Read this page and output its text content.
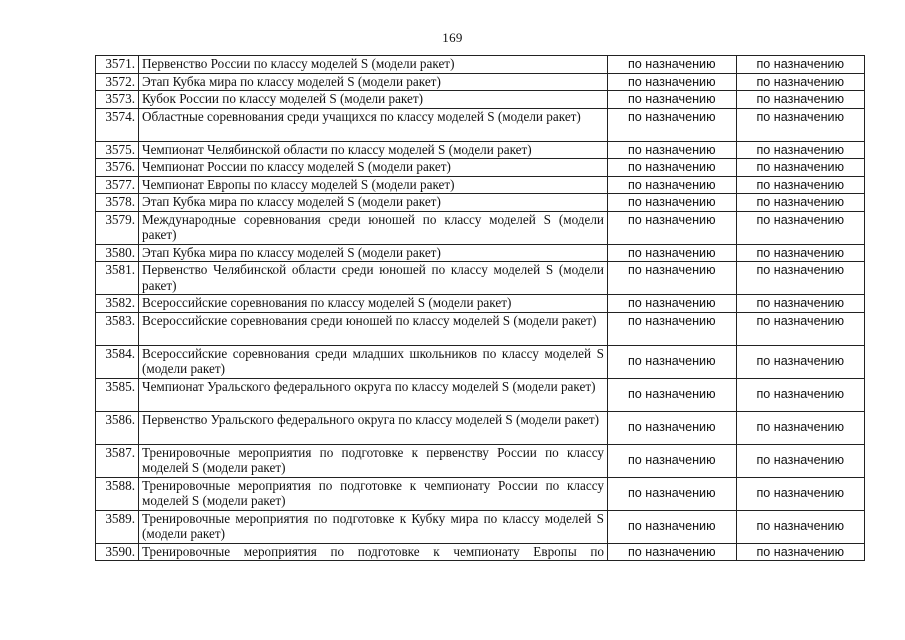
169
3571.	Первенство России по классу моделей S (модели ракет)	по назначению	по назначению
3572.	Этап Кубка мира по классу моделей S (модели ракет)	по назначению	по назначению
3573.	Кубок России по классу моделей S (модели ракет)	по назначению	по назначению
3574.	Областные соревнования среди учащихся по классу моделей S (модели ракет)	по назначению	по назначению
3575.	Чемпионат Челябинской области по классу моделей S (модели ракет)	по назначению	по назначению
3576.	Чемпионат России по классу моделей S (модели ракет)	по назначению	по назначению
3577.	Чемпионат Европы по классу моделей S (модели ракет)	по назначению	по назначению
3578.	Этап Кубка мира по классу моделей S (модели ракет)	по назначению	по назначению
3579.	Международные соревнования среди юношей по классу моделей S (модели ракет)	по назначению	по назначению
3580.	Этап Кубка мира по классу моделей S (модели ракет)	по назначению	по назначению
3581.	Первенство Челябинской области среди юношей по классу моделей S (модели ракет)	по назначению	по назначению
3582.	Всероссийские соревнования по классу моделей S (модели ракет)	по назначению	по назначению
3583.	Всероссийские соревнования среди юношей по классу моделей S (модели ракет)	по назначению	по назначению
3584.	Всероссийские соревнования среди младших школьников по классу моделей S (модели ракет)	по назначению	по назначению
3585.	Чемпионат Уральского федерального округа по классу моделей S (модели ракет)	по назначению	по назначению
3586.	Первенство Уральского федерального округа по классу моделей S (модели ракет)	по назначению	по назначению
3587.	Тренировочные мероприятия по подготовке к первенству России по классу моделей S (модели ракет)	по назначению	по назначению
3588.	Тренировочные мероприятия по подготовке к чемпионату России по классу моделей S (модели ракет)	по назначению	по назначению
3589.	Тренировочные мероприятия по подготовке к Кубку мира по классу моделей S (модели ракет)	по назначению	по назначению
3590.	Тренировочные мероприятия по подготовке к чемпионату Европы по	по назначению	по назначению
